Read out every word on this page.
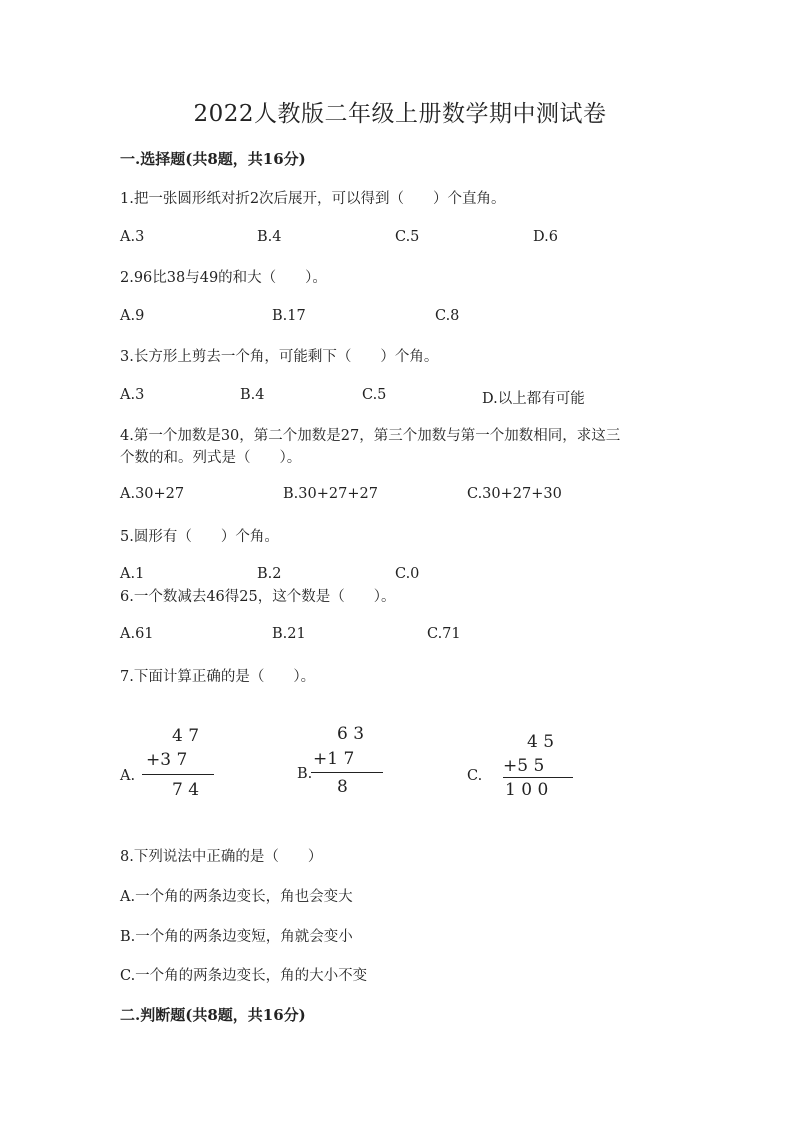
2022人教版二年级上册数学期中测试卷
一.选择题(共8题，共16分)
1.把一张圆形纸对折2次后展开，可以得到（　　）个直角。
A.3	B.4	C.5	D.6
2.96比38与49的和大（　　）。
A.9	B.17	C.8
3.长方形上剪去一个角，可能剩下（　　）个角。
A.3	B.4	C.5	D.以上都有可能
4.第一个加数是30，第二个加数是27，第三个加数与第一个加数相同，求这三
个数的和。列式是（　　）。
A.30+27	B.30+27+27	C.30+27+30
5.圆形有（　　）个角。
A.1	B.2	C.0
6.一个数减去46得25，这个数是（　　）。
A.61	B.21	C.71
7.下面计算正确的是（　　）。
A.
4 7
+3 7
7 4
B.
6 3
+1 7
8
C.
4 5
+5 5
1 0 0
8.下列说法中正确的是（　　）
A.一个角的两条边变长，角也会变大
B.一个角的两条边变短，角就会变小
C.一个角的两条边变长，角的大小不变
二.判断题(共8题，共16分)
